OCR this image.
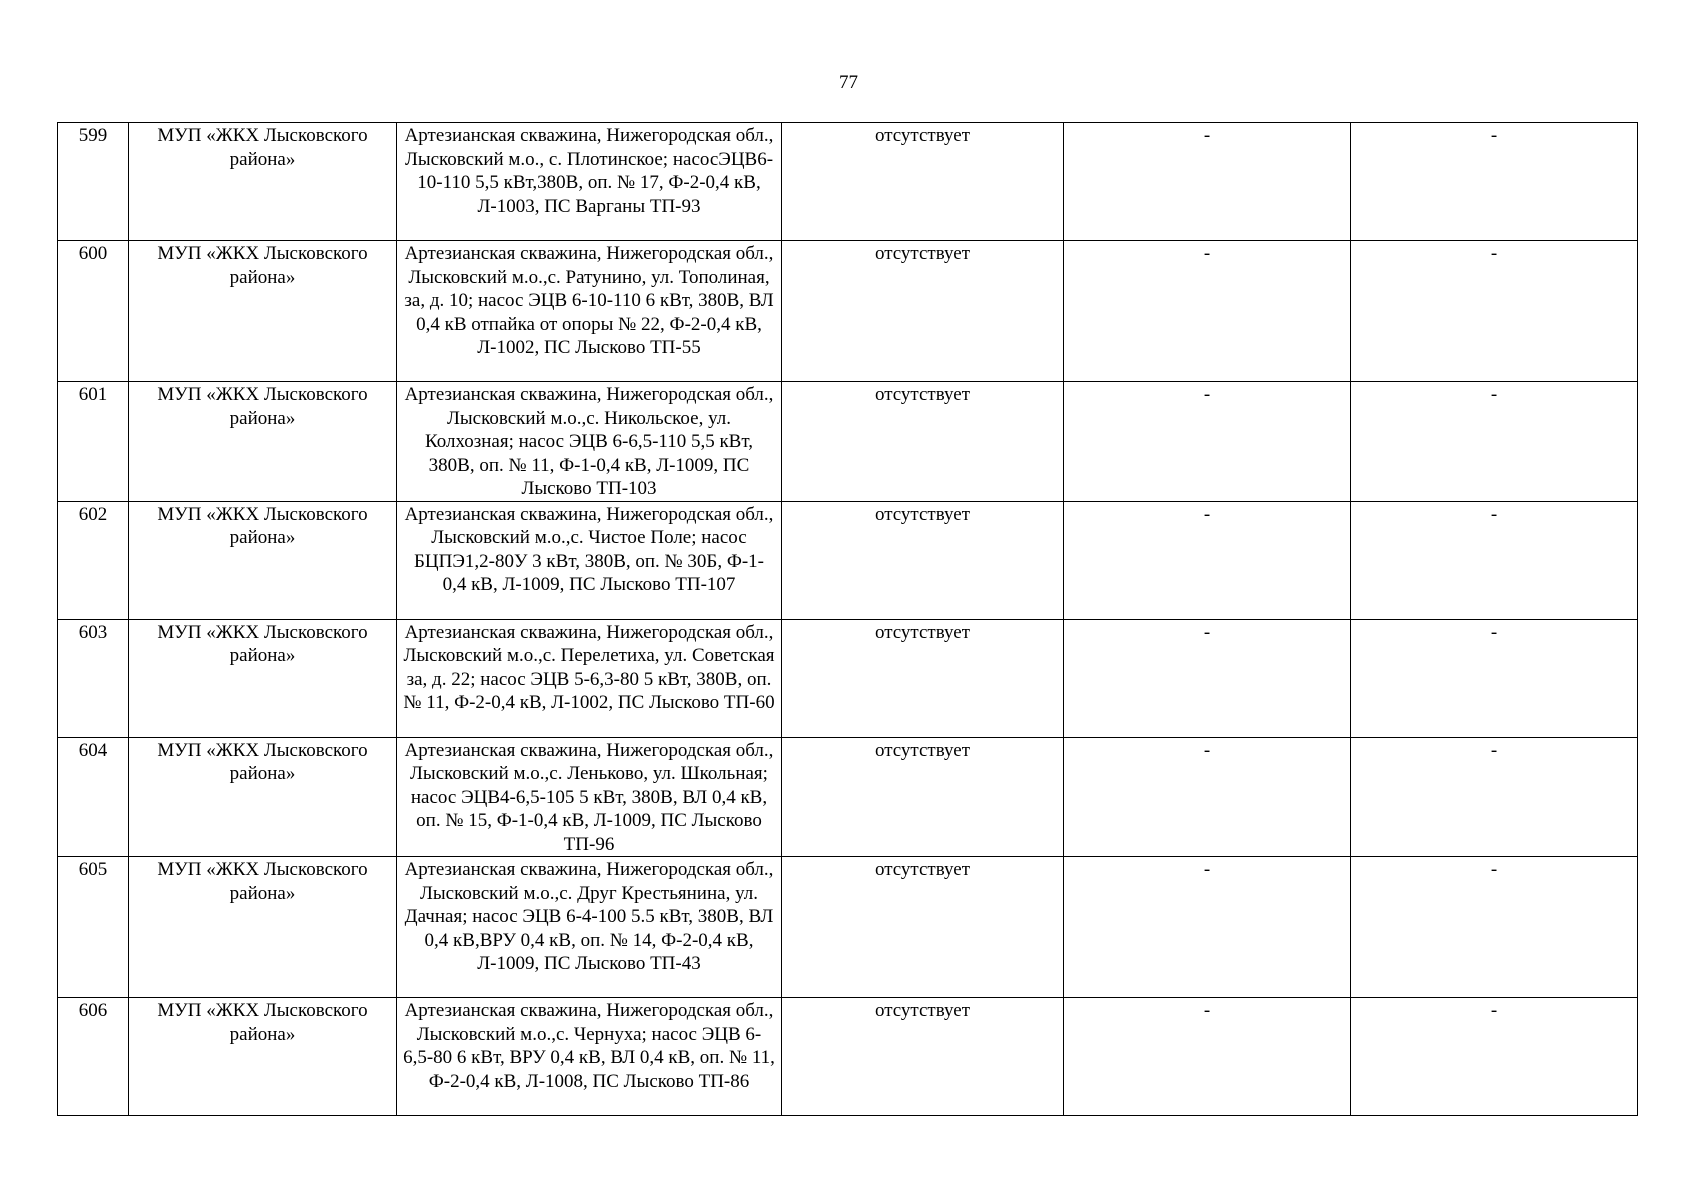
77
599	МУП «ЖКХ Лысковского района»	Артезианская скважина, Нижегородская обл., Лысковский м.о., с. Плотинское; насосЭЦВ6-10-110 5,5 кВт,380В, оп. № 17, Ф-2-0,4 кВ, Л-1003, ПС Варганы ТП-93	отсутствует	-	-
600	МУП «ЖКХ Лысковского района»	Артезианская скважина, Нижегородская обл., Лысковский м.о.,с. Ратунино, ул. Тополиная, за, д. 10; насос ЭЦВ 6-10-110 6 кВт, 380В, ВЛ 0,4 кВ отпайка от опоры № 22, Ф-2-0,4 кВ, Л-1002, ПС Лысково ТП-55	отсутствует	-	-
601	МУП «ЖКХ Лысковского района»	Артезианская скважина, Нижегородская обл., Лысковский м.о.,с. Никольское, ул. Колхозная; насос ЭЦВ 6-6,5-110 5,5 кВт, 380В, оп. № 11, Ф-1-0,4 кВ, Л-1009, ПС Лысково ТП-103	отсутствует	-	-
602	МУП «ЖКХ Лысковского района»	Артезианская скважина, Нижегородская обл., Лысковский м.о.,с. Чистое Поле; насос БЦПЭ1,2-80У 3 кВт, 380В, оп. № 30Б, Ф-1-0,4 кВ, Л-1009, ПС Лысково ТП-107	отсутствует	-	-
603	МУП «ЖКХ Лысковского района»	Артезианская скважина, Нижегородская обл., Лысковский м.о.,с. Перелетиха, ул. Советская за, д. 22; насос ЭЦВ 5-6,3-80 5 кВт, 380В, оп. № 11, Ф-2-0,4 кВ, Л-1002, ПС Лысково ТП-60	отсутствует	-	-
604	МУП «ЖКХ Лысковского района»	Артезианская скважина, Нижегородская обл., Лысковский м.о.,с. Леньково, ул. Школьная; насос ЭЦВ4-6,5-105 5 кВт, 380В, ВЛ 0,4 кВ, оп. № 15, Ф-1-0,4 кВ, Л-1009, ПС Лысково ТП-96	отсутствует	-	-
605	МУП «ЖКХ Лысковского района»	Артезианская скважина, Нижегородская обл., Лысковский м.о.,с. Друг Крестьянина, ул. Дачная; насос ЭЦВ 6-4-100 5.5 кВт, 380В, ВЛ 0,4 кВ,ВРУ 0,4 кВ, оп. № 14, Ф-2-0,4 кВ, Л-1009, ПС Лысково ТП-43	отсутствует	-	-
606	МУП «ЖКХ Лысковского района»	Артезианская скважина, Нижегородская обл., Лысковский м.о.,с. Чернуха; насос ЭЦВ 6-6,5-80 6 кВт, ВРУ 0,4 кВ, ВЛ 0,4 кВ, оп. № 11, Ф-2-0,4 кВ, Л-1008, ПС Лысково ТП-86	отсутствует	-	-
